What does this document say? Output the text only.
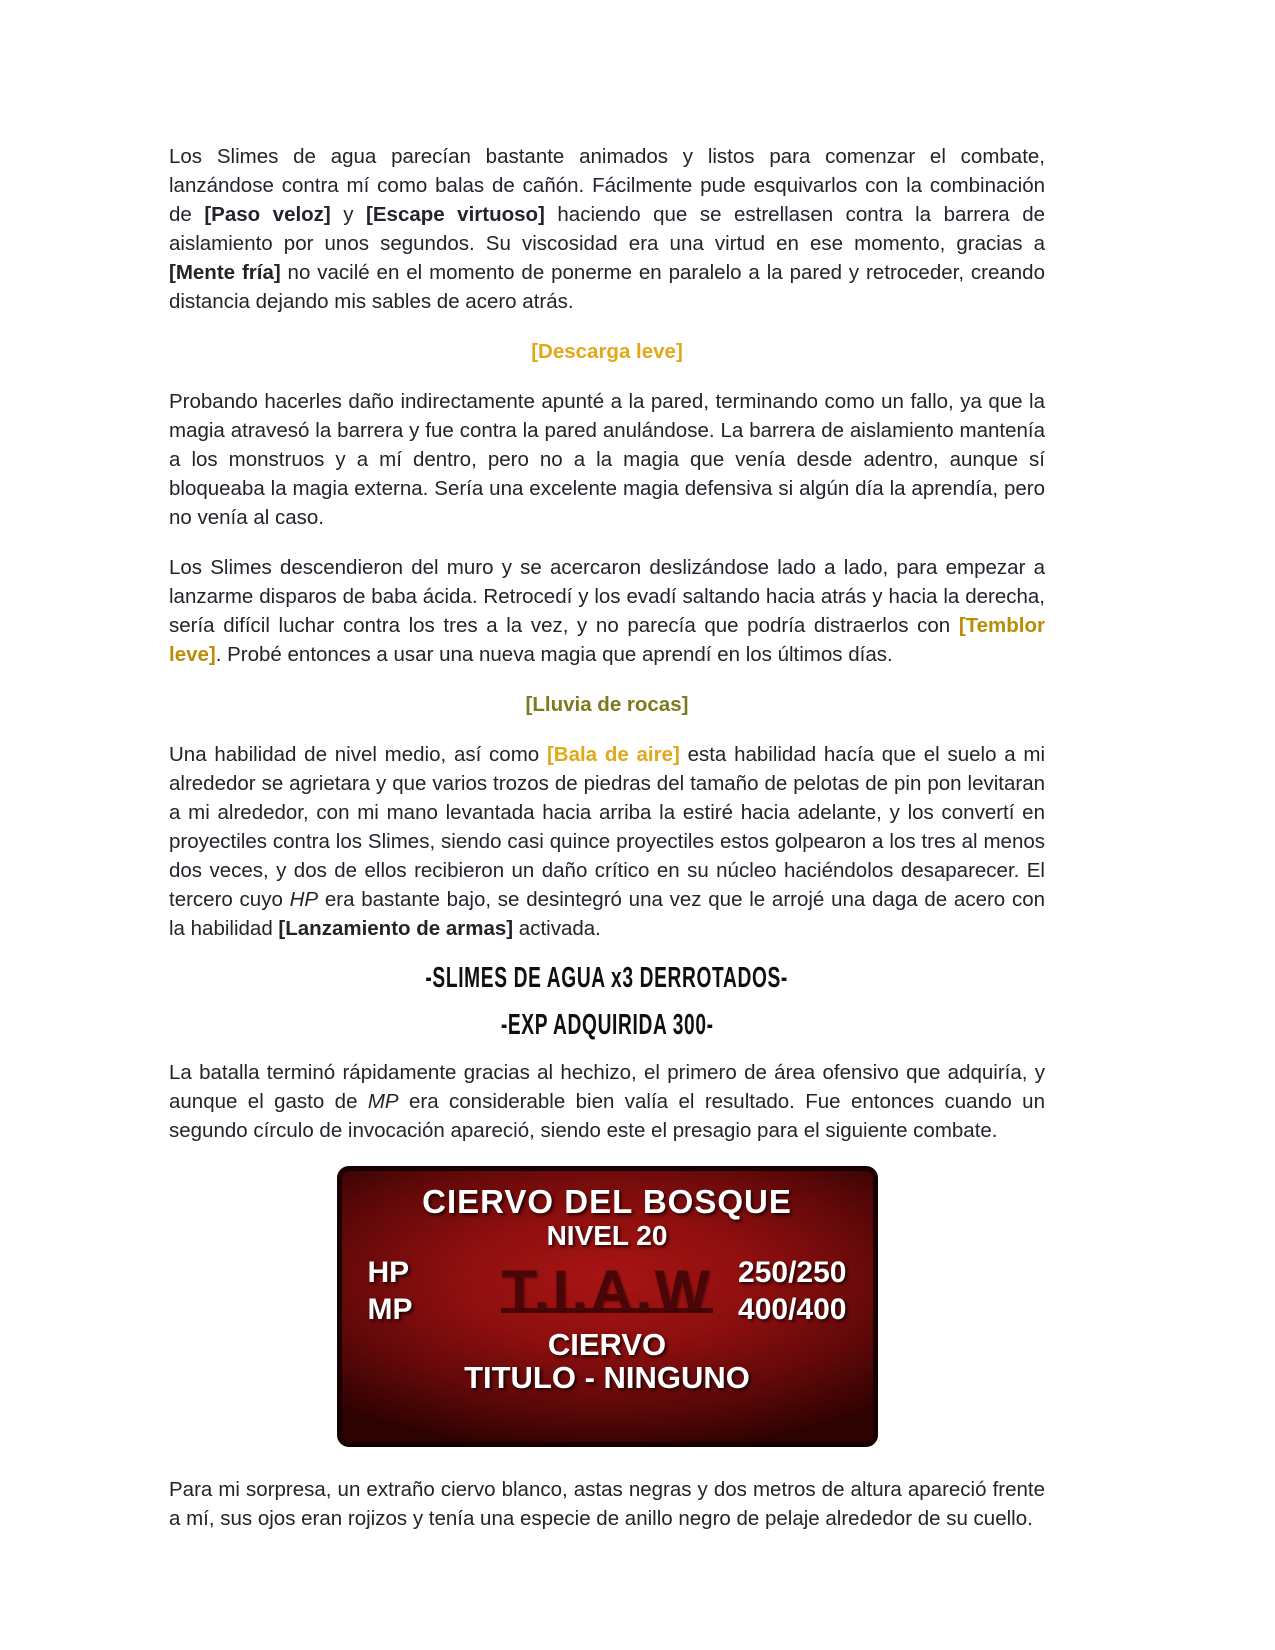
Los Slimes de agua parecían bastante animados y listos para comenzar el combate, lanzándose contra mí como balas de cañón. Fácilmente pude esquivarlos con la combinación de [Paso veloz] y [Escape virtuoso] haciendo que se estrellasen contra la barrera de aislamiento por unos segundos. Su viscosidad era una virtud en ese momento, gracias a [Mente fría] no vacilé en el momento de ponerme en paralelo a la pared y retroceder, creando distancia dejando mis sables de acero atrás.

[Descarga leve]

Probando hacerles daño indirectamente apunté a la pared, terminando como un fallo, ya que la magia atravesó la barrera y fue contra la pared anulándose. La barrera de aislamiento mantenía a los monstruos y a mí dentro, pero no a la magia que venía desde adentro, aunque sí bloqueaba la magia externa. Sería una excelente magia defensiva si algún día la aprendía, pero no venía al caso.

Los Slimes descendieron del muro y se acercaron deslizándose lado a lado, para empezar a lanzarme disparos de baba ácida. Retrocedí y los evadí saltando hacia atrás y hacia la derecha, sería difícil luchar contra los tres a la vez, y no parecía que podría distraerlos con [Temblor leve]. Probé entonces a usar una nueva magia que aprendí en los últimos días.

[Lluvia de rocas]

Una habilidad de nivel medio, así como [Bala de aire] esta habilidad hacía que el suelo a mi alrededor se agrietara y que varios trozos de piedras del tamaño de pelotas de pin pon levitaran a mi alrededor, con mi mano levantada hacia arriba la estiré hacia adelante, y los convertí en proyectiles contra los Slimes, siendo casi quince proyectiles estos golpearon a los tres al menos dos veces, y dos de ellos recibieron un daño crítico en su núcleo haciéndolos desaparecer. El tercero cuyo HP era bastante bajo, se desintegró una vez que le arrojé una daga de acero con la habilidad [Lanzamiento de armas] activada.

-SLIMES DE AGUA x3 DERROTADOS-
-EXP ADQUIRIDA 300-

La batalla terminó rápidamente gracias al hechizo, el primero de área ofensivo que adquiría, y aunque el gasto de MP era considerable bien valía el resultado. Fue entonces cuando un segundo círculo de invocación apareció, siendo este el presagio para el siguiente combate.

T.I.A.W
CIERVO DEL BOSQUE
NIVEL 20
HP	250/250
MP	400/400
CIERVO
TITULO - NINGUNO

Para mi sorpresa, un extraño ciervo blanco, astas negras y dos metros de altura apareció frente a mí, sus ojos eran rojizos y tenía una especie de anillo negro de pelaje alrededor de su cuello.
